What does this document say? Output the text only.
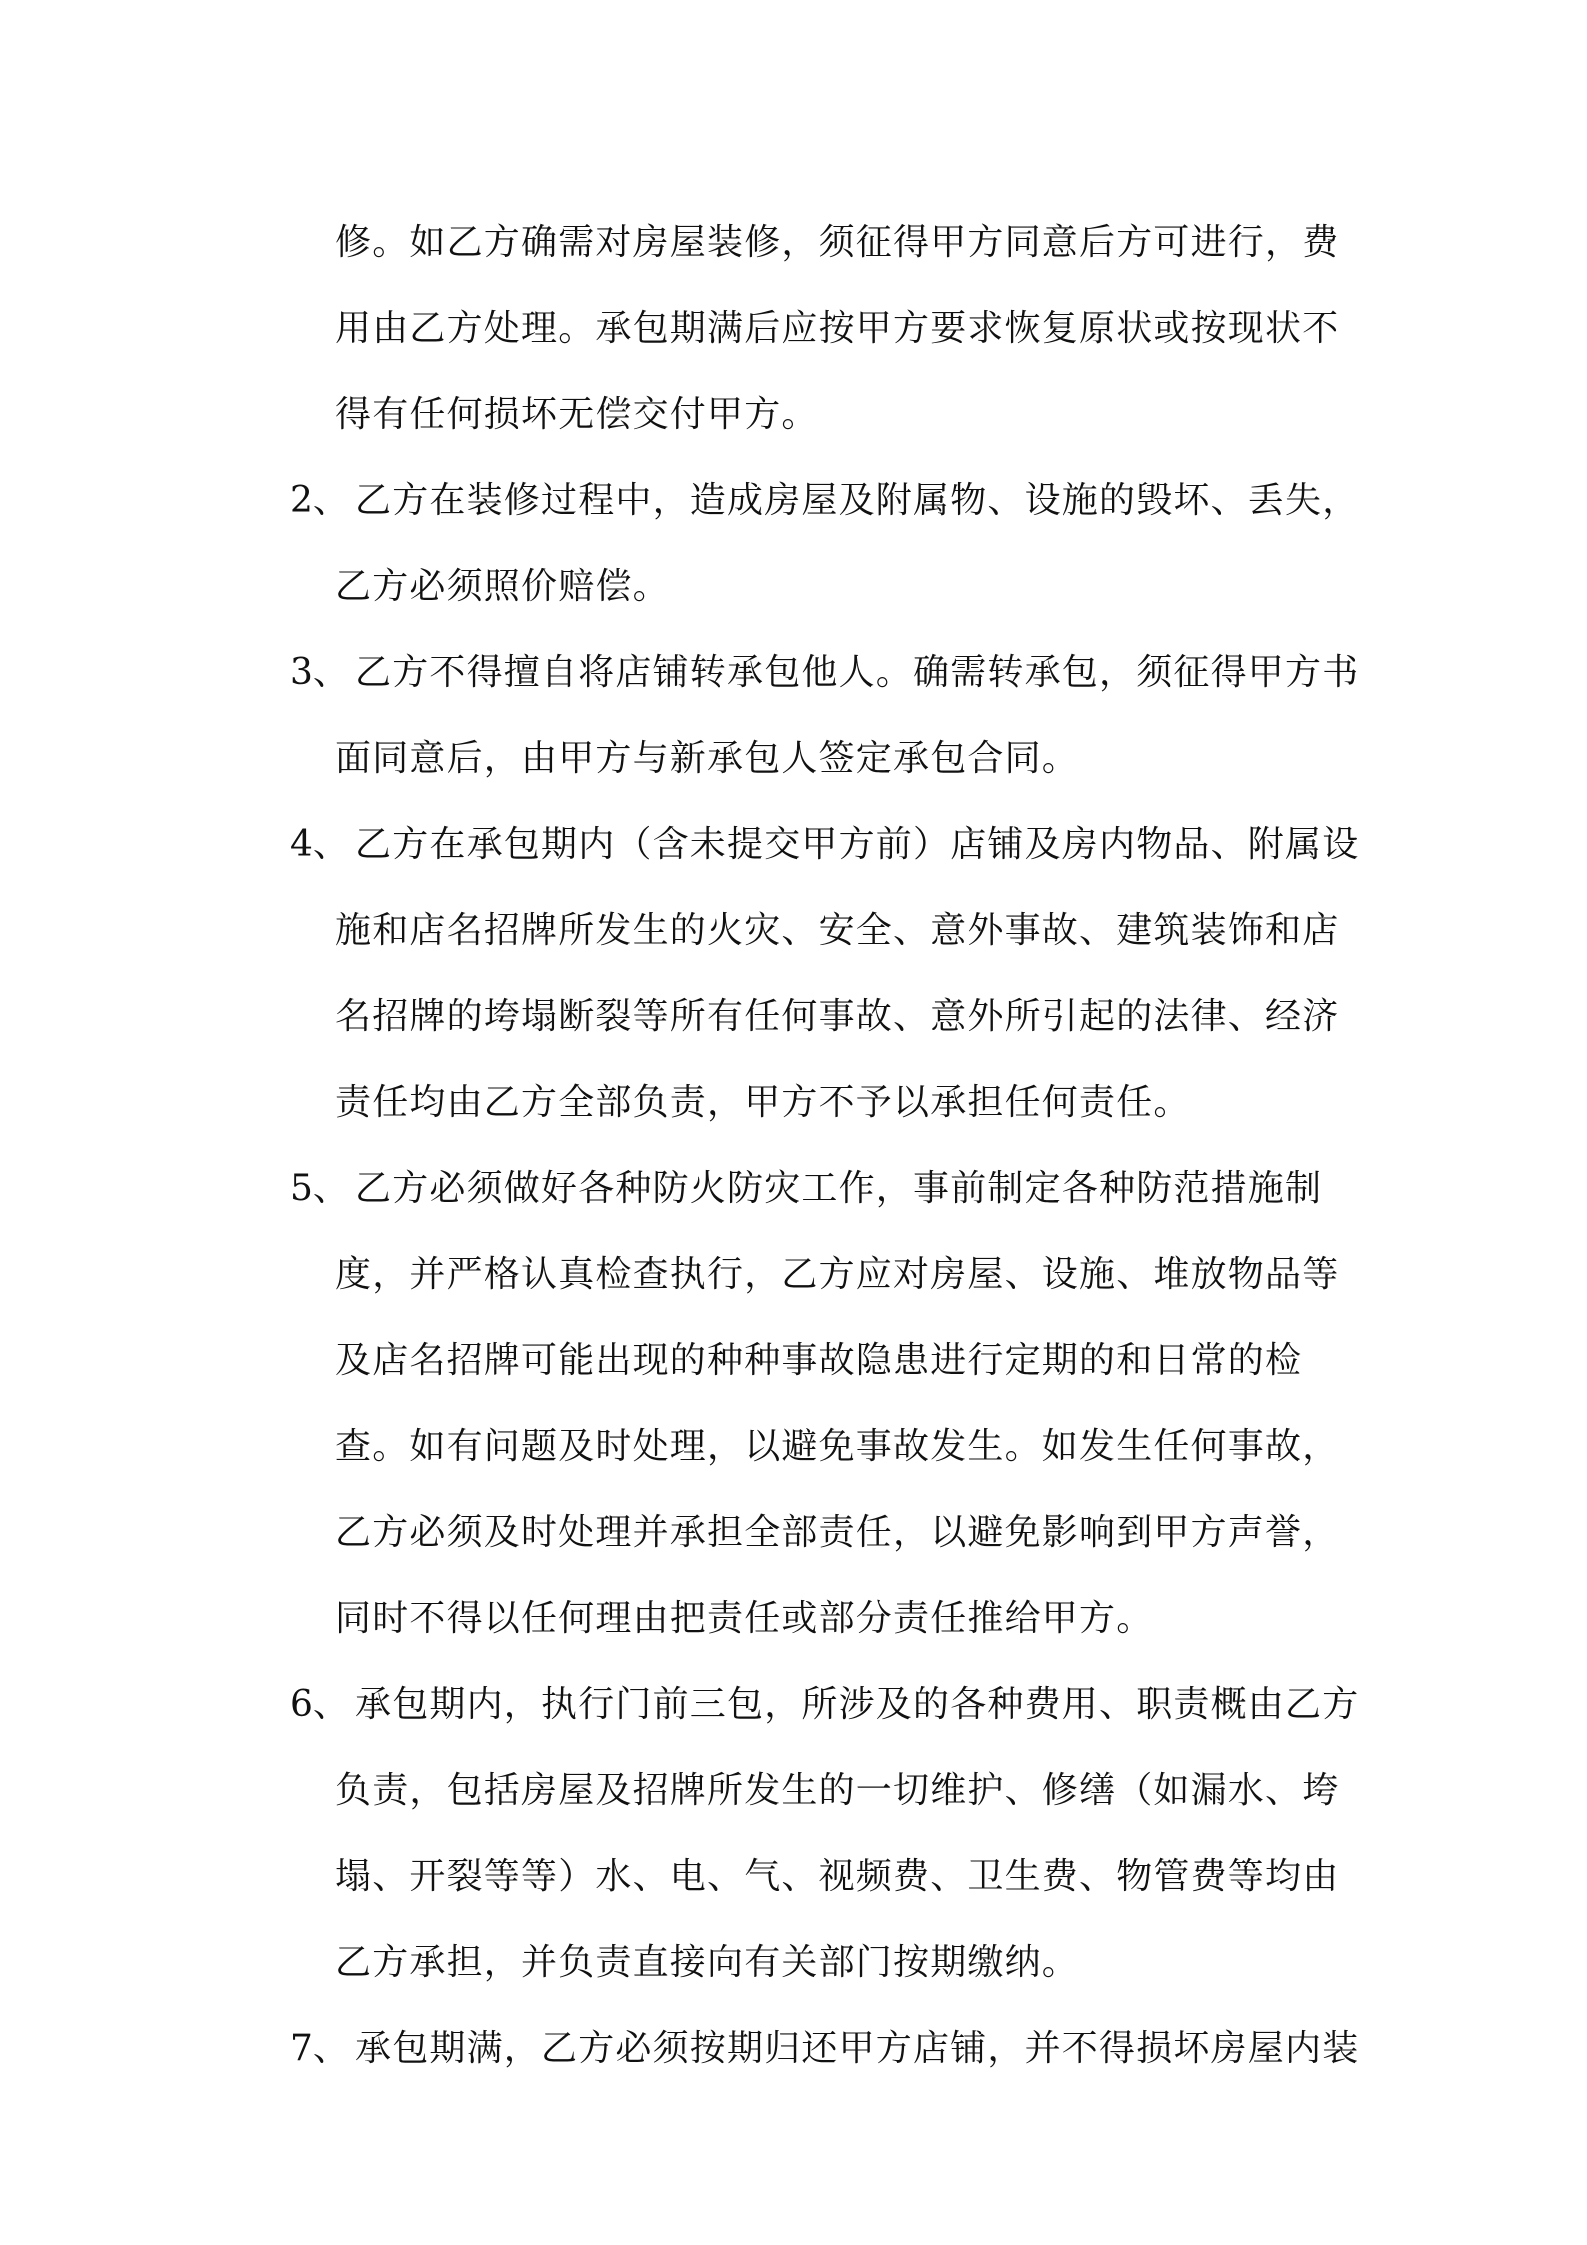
修。如乙方确需对房屋装修，须征得甲方同意后方可进行，费
用由乙方处理。承包期满后应按甲方要求恢复原状或按现状不
得有任何损坏无偿交付甲方。
2、 乙方在装修过程中，造成房屋及附属物、设施的毁坏、丢失，
乙方必须照价赔偿。
3、 乙方不得擅自将店铺转承包他人。确需转承包，须征得甲方书
面同意后，由甲方与新承包人签定承包合同。
4、 乙方在承包期内（含未提交甲方前）店铺及房内物品、附属设
施和店名招牌所发生的火灾、安全、意外事故、建筑装饰和店
名招牌的垮塌断裂等所有任何事故、意外所引起的法律、经济
责任均由乙方全部负责，甲方不予以承担任何责任。
5、 乙方必须做好各种防火防灾工作，事前制定各种防范措施制
度，并严格认真检查执行，乙方应对房屋、设施、堆放物品等
及店名招牌可能出现的种种事故隐患进行定期的和日常的检
查。如有问题及时处理，以避免事故发生。如发生任何事故，
乙方必须及时处理并承担全部责任，以避免影响到甲方声誉，
同时不得以任何理由把责任或部分责任推给甲方。
6、 承包期内，执行门前三包，所涉及的各种费用、职责概由乙方
负责，包括房屋及招牌所发生的一切维护、修缮（如漏水、垮
塌、开裂等等）水、电、气、视频费、卫生费、物管费等均由
乙方承担，并负责直接向有关部门按期缴纳。
7、 承包期满，乙方必须按期归还甲方店铺，并不得损坏房屋内装
